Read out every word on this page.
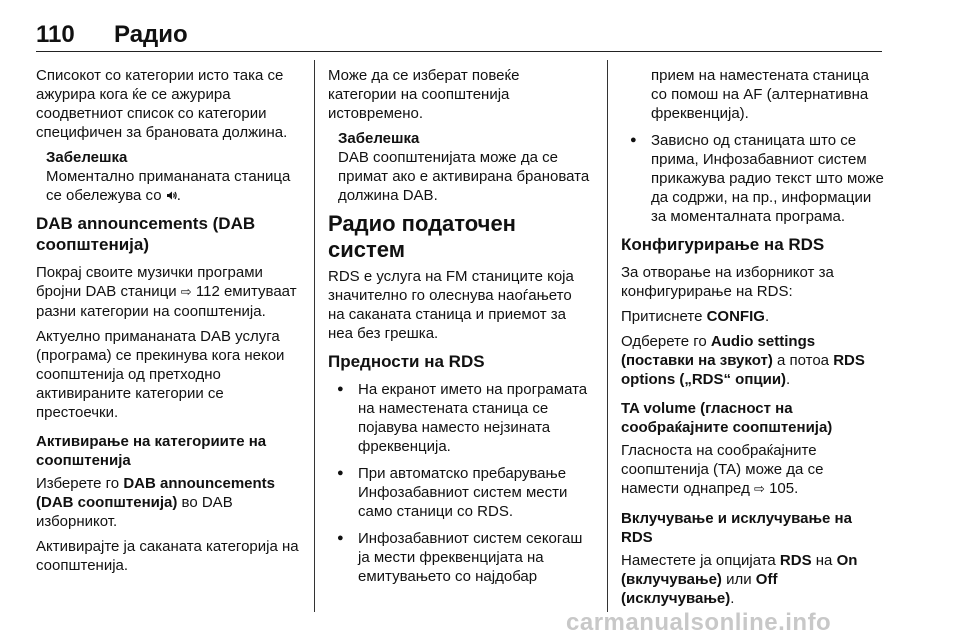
110 Радио

Списокот со категории исто така се ажурира кога ќе се ажурира соодветниот список со категории специфичен за брановата должина.

Забелешка
Моментално примананата станица се обележува со .
DAB announcements (DAB соопштенија)

Покрај своите музички програми бројни DAB станици ⇨ 112 емитуваат разни категории на соопштенија.

Актуелно примананата DAB услуга (програма) се прекинува кога некои соопштенија од претходно активираните категории се престоечки.

Активирање на категориите на соопштенија

Изберете го DAB announcements (DAB соопштенија) во DAB изборникот.

Активирајте ја саканата категорија на соопштенија.

Може да се изберат повеќе категории на соопштенија истовремено.

Забелешка
DAB соопштенијата може да се примат ако е активирана брановата должина DAB.
Радио податочен систем

RDS е услуга на FM станиците која значително го олеснува наоѓањето на саканата станица и приемот за неа без грешка.

Предности на RDS
● На екранот името на програмата на наместената станица се појавува наместо нејзината фреквенција.
● При автоматско пребарување Инфозабавниот систем мести само станици со RDS.
● Инфозабавниот систем секогаш ја мести фреквенцијата на емитувањето со најдобар
прием на наместената станица со помош на AF (алтернативна фреквенција).
● Зависно од станицата што се прима, Инфозабавниот систем прикажува радио текст што може да содржи, на пр., информации за моменталната програма.
Конфигурирање на RDS

За отворање на изборникот за конфигурирање на RDS:

Притиснете CONFIG.

Одберете го Audio settings (поставки на звукот) а потоа RDS options („RDS“ опции).

TA volume (гласност на сообраќајните соопштенија)

Гласноста на сообраќајните соопштенија (TA) може да се намести однапред ⇨ 105.

Вклучување и исклучување на RDS

Наместете ја опцијата RDS на On (вклучување) или Off (исклучување).

carmanualsonline.info
